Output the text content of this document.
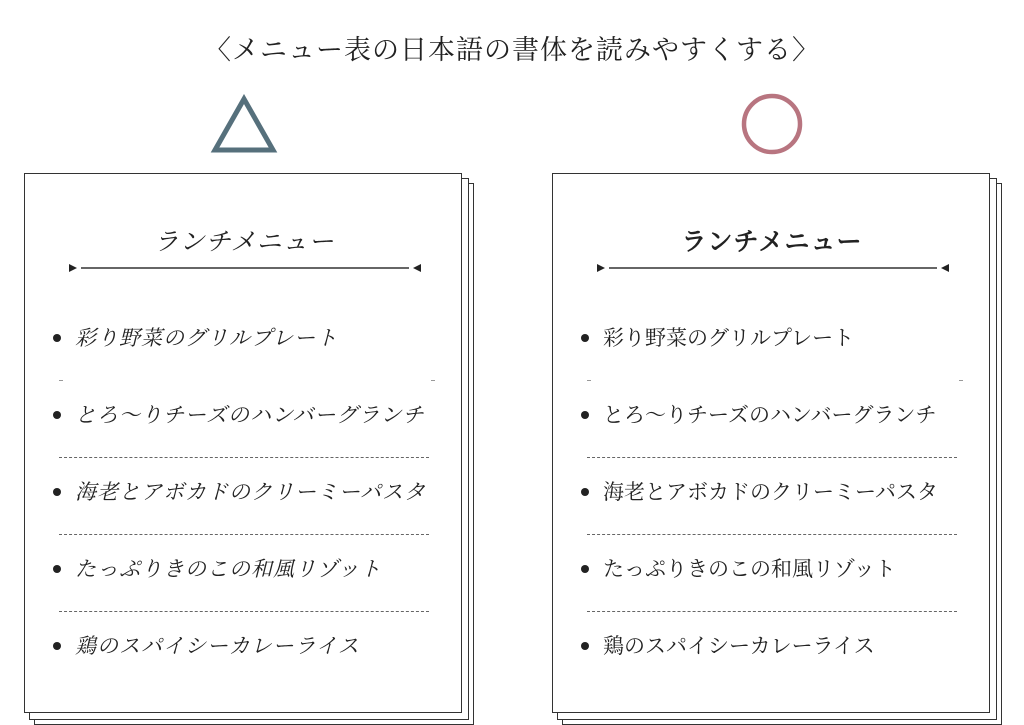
〈メニュー表の日本語の書体を読みやすくする〉
ランチメニュー
彩り野菜のグリルプレート
とろ～りチーズのハンバーグランチ
海老とアボカドのクリーミーパスタ
たっぷりきのこの和風リゾット
鶏のスパイシーカレーライス
ランチメニュー
彩り野菜のグリルプレート
とろ～りチーズのハンバーグランチ
海老とアボカドのクリーミーパスタ
たっぷりきのこの和風リゾット
鶏のスパイシーカレーライス
